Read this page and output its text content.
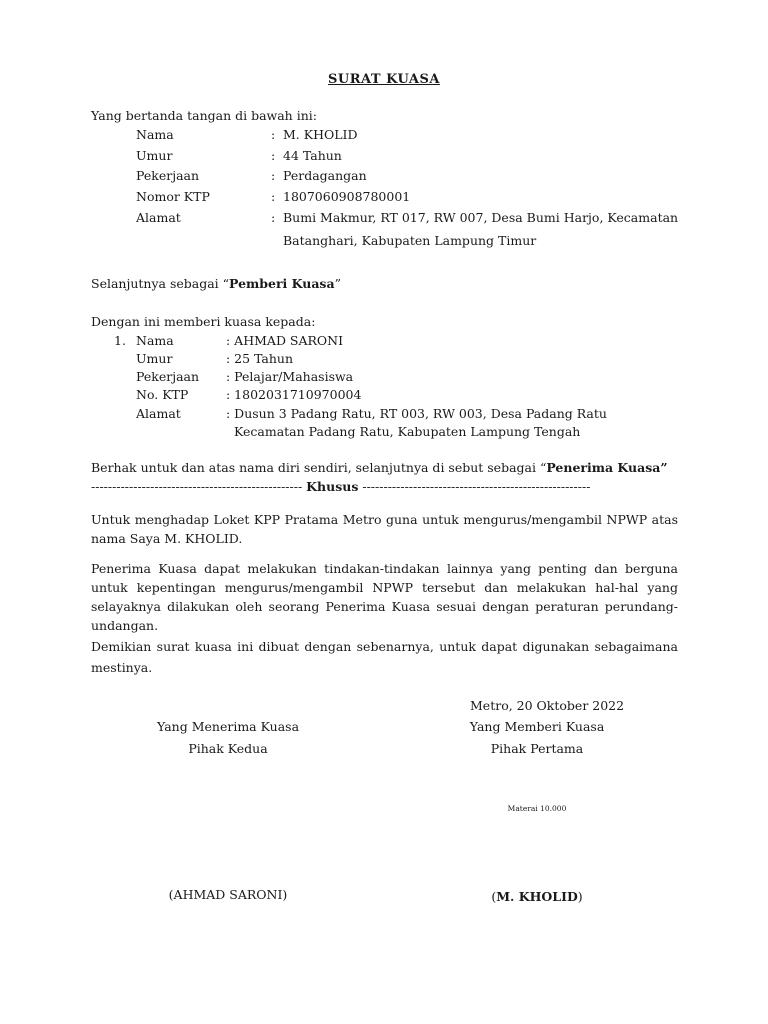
SURAT KUASA
Yang bertanda tangan di bawah ini:
Nama	: M. KHOLID
Umur	: 44 Tahun
Pekerjaan	: Perdagangan
Nomor KTP	: 1807060908780001
Alamat	: Bumi Makmur, RT 017, RW 007, Desa Bumi Harjo, Kecamatan
Batanghari, Kabupaten Lampung Timur
Selanjutnya sebagai “Pemberi Kuasa”
Dengan ini memberi kuasa kepada:
1. Nama	: AHMAD SARONI
Umur	: 25 Tahun
Pekerjaan : Pelajar/Mahasiswa
No. KTP	: 1802031710970004
Alamat	: Dusun 3 Padang Ratu, RT 003, RW 003, Desa Padang Ratu
Kecamatan Padang Ratu, Kabupaten Lampung Tengah
Berhak untuk dan atas nama diri sendiri, selanjutnya di sebut sebagai “Penerima Kuasa”
-------------------------------------------------- Khusus ------------------------------------------------------
Untuk menghadap Loket KPP Pratama Metro guna untuk mengurus/mengambil NPWP atas nama Saya M. KHOLID.
Penerima Kuasa dapat melakukan tindakan-tindakan lainnya yang penting dan berguna untuk kepentingan mengurus/mengambil NPWP tersebut dan melakukan hal-hal yang selayaknya dilakukan oleh seorang Penerima Kuasa sesuai dengan peraturan perundang-undangan.
Demikian surat kuasa ini dibuat dengan sebenarnya, untuk dapat digunakan sebagaimana mestinya.
Metro, 20 Oktober 2022
Yang Menerima Kuasa
Pihak Kedua
(AHMAD SARONI)
Yang Memberi Kuasa
Pihak Pertama
Materai 10.000
(M. KHOLID)
